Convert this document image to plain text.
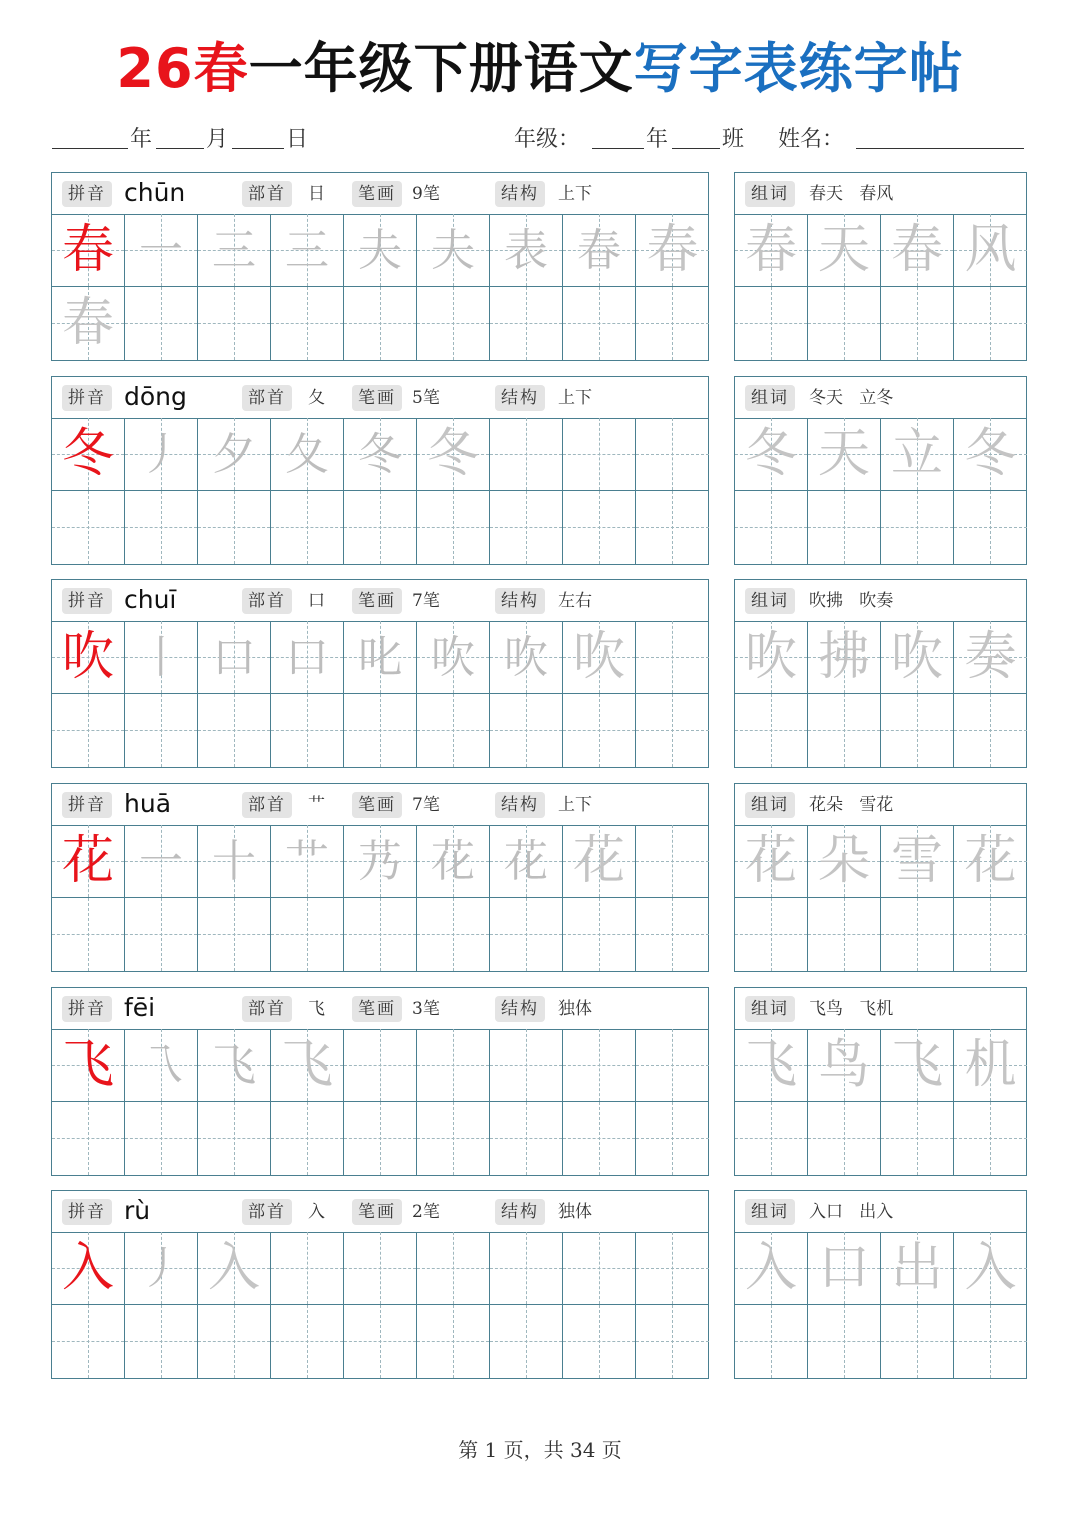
26春一年级下册语文写字表练字帖
年 月	日	年级：	年 班 姓名：
拼音 chūn	部首	日	笔画 9笔	结构	上下
春 一 三 三 夫 夫 表 春 春
春
组词	春天   春风
春 天 春 风
拼音 dōng	部首	夂	笔画 5笔	结构	上下
冬 丿 夕 夂 冬 冬
组词	冬天   立冬
冬 天 立 冬
拼音 chuī	部首	口	笔画 7笔	结构	左右
吹 丨 口 口 叱 吹 吹 吹
组词	吹拂   吹奏
吹 拂 吹 奏
拼音 huā	部首	艹	笔画 7笔	结构	上下
花 一 十 艹 艿 花 花 花
组词	花朵   雪花
花 朵 雪 花
拼音 fēi	部首	飞	笔画 3笔	结构	独体
飞 乁 飞 飞
组词	飞鸟   飞机
飞 鸟 飞 机
拼音 rù	部首	入	笔画 2笔	结构	独体
入 丿 入
组词	入口   出入
入 口 出 入
第 1 页，共 34 页
